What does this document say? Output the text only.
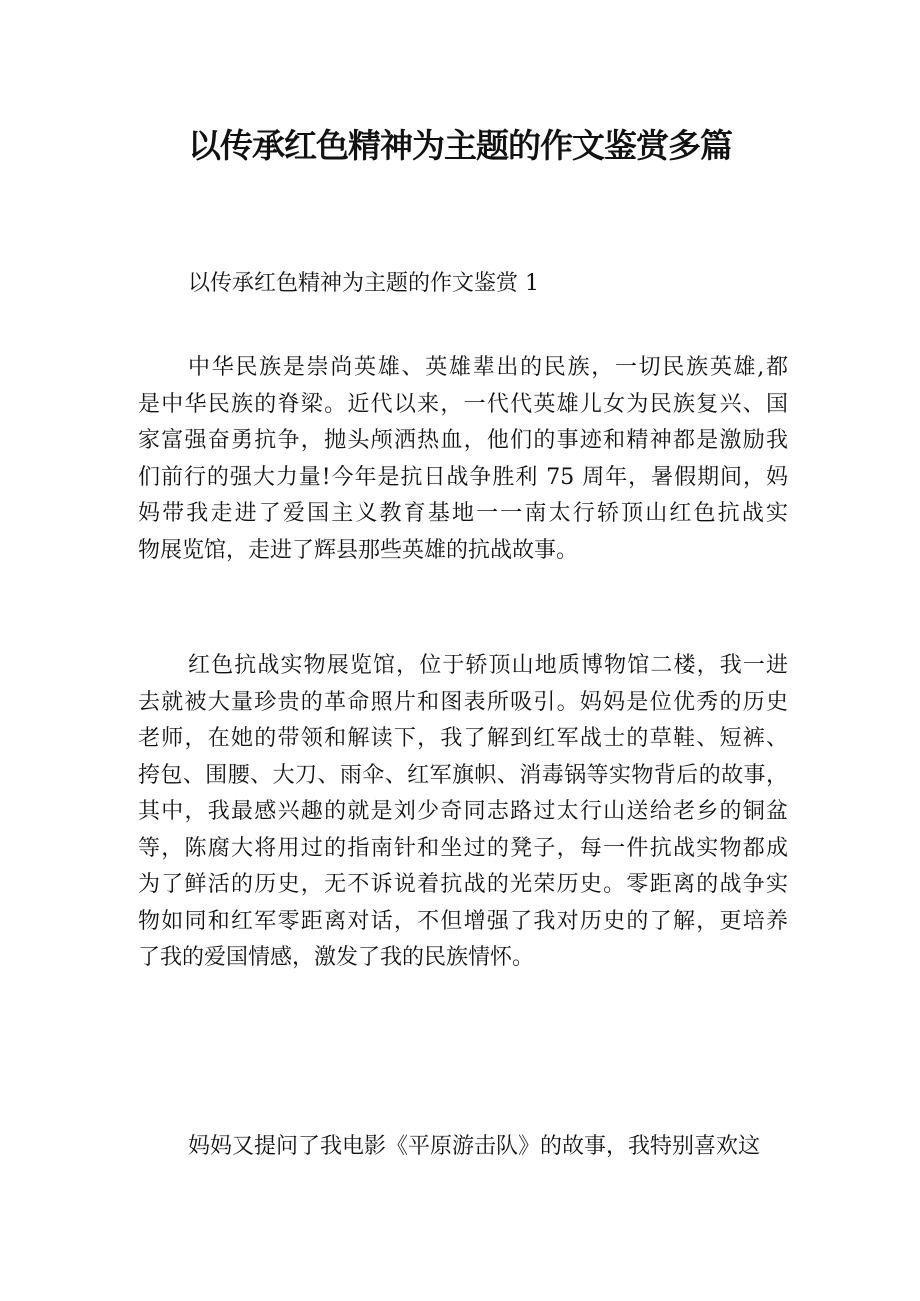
以传承红色精神为主题的作文鉴赏多篇

以传承红色精神为主题的作文鉴赏 1

中华民族是崇尚英雄、英雄辈出的民族，一切民族英雄,都
是中华民族的脊梁。近代以来，一代代英雄儿女为民族复兴、国
家富强奋勇抗争，抛头颅洒热血，他们的事迹和精神都是激励我
们前行的强大力量!今年是抗日战争胜利 75 周年，暑假期间，妈
妈带我走进了爱国主义教育基地一一南太行轿顶山红色抗战实
物展览馆，走进了辉县那些英雄的抗战故事。
红色抗战实物展览馆，位于轿顶山地质博物馆二楼，我一进
去就被大量珍贵的革命照片和图表所吸引。妈妈是位优秀的历史
老师，在她的带领和解读下，我了解到红军战士的草鞋、短裤、
挎包、围腰、大刀、雨伞、红军旗帜、消毒锅等实物背后的故事，
其中，我最感兴趣的就是刘少奇同志路过太行山送给老乡的铜盆
等，陈腐大将用过的指南针和坐过的凳子，每一件抗战实物都成
为了鲜活的历史，无不诉说着抗战的光荣历史。零距离的战争实
物如同和红军零距离对话，不但增强了我对历史的了解，更培养
了我的爱国情感，激发了我的民族情怀。
妈妈又提问了我电影《平原游击队》的故事，我特别喜欢这
